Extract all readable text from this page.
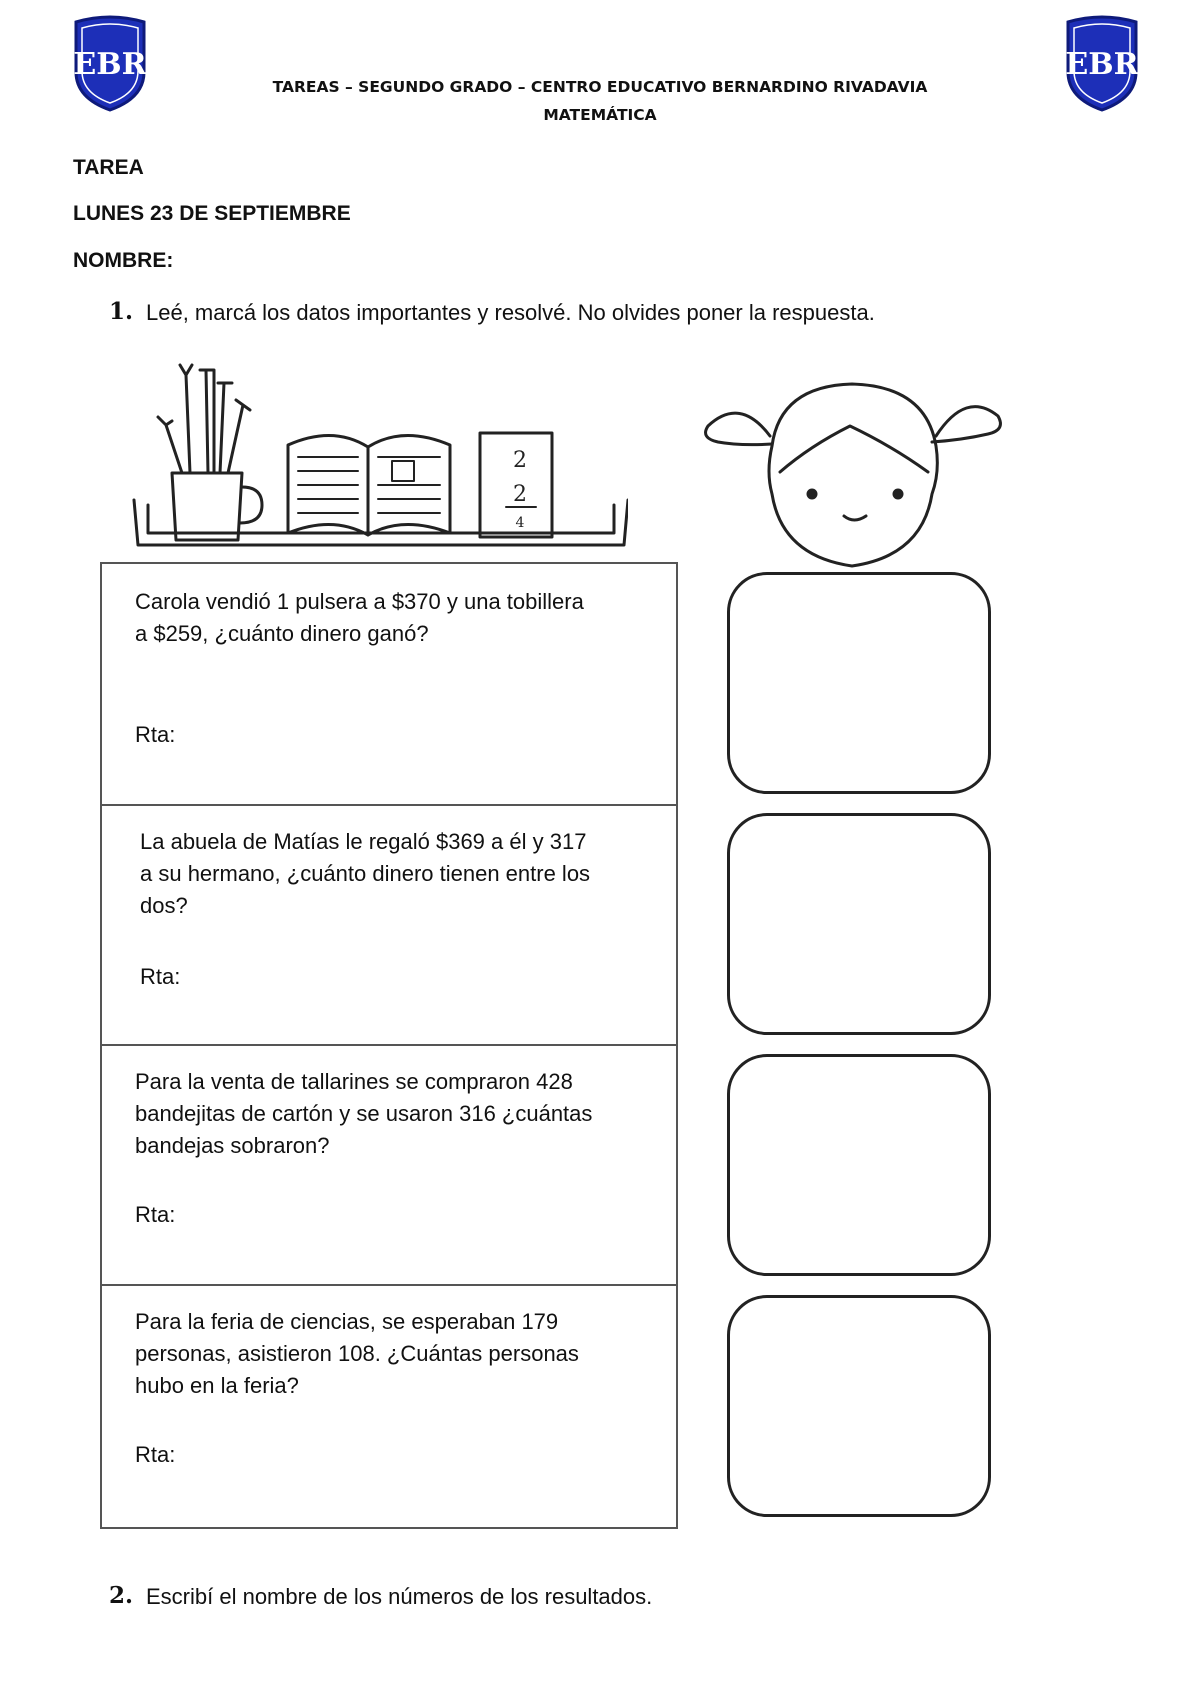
EBR	EBR
TAREAS – SEGUNDO GRADO – CENTRO EDUCATIVO BERNARDINO RIVADAVIA
MATEMÁTICA
TAREA
LUNES 23 DE SEPTIEMBRE
NOMBRE:
1. Leé, marcá los datos importantes y resolvé. No olvides poner la respuesta.
2
2
4
Carola vendió 1 pulsera a $370 y una tobillera
a $259, ¿cuánto dinero ganó?
Rta:
La abuela de Matías le regaló $369 a él y 317
a su hermano, ¿cuánto dinero tienen entre los
dos?
Rta:
Para la venta de tallarines se compraron 428
bandejitas de cartón y se usaron 316 ¿cuántas
bandejas sobraron?
Rta:
Para la feria de ciencias, se esperaban 179
personas, asistieron 108. ¿Cuántas personas
hubo en la feria?
Rta:
2. Escribí el nombre de los números de los resultados.
